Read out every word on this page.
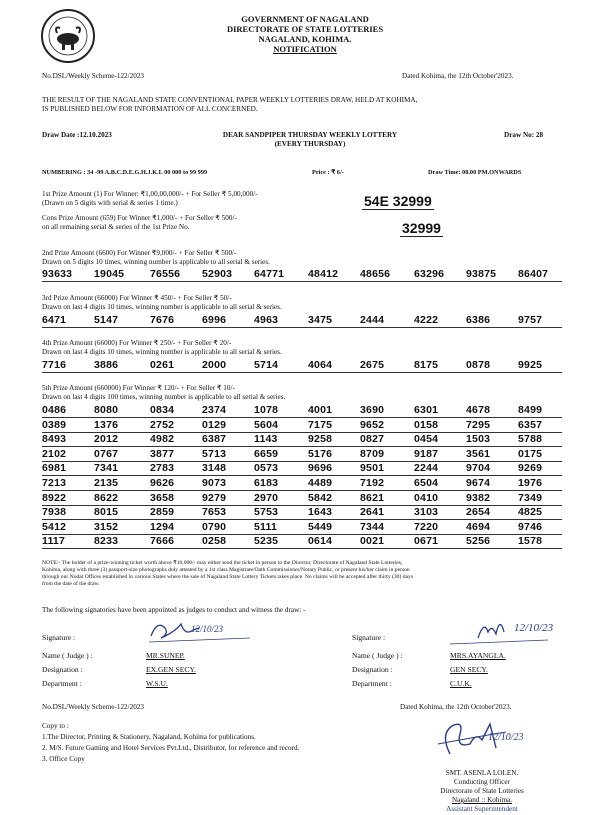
GOVERNMENT OF NAGALAND
DIRECTORATE OF STATE LOTTERIES
NAGALAND, KOHIMA.
NOTIFICATION
No.DSL/Weekly Scheme-122/2023	Dated Kohima, the 12th October'2023.
THE RESULT OF THE NAGALAND STATE CONVENTIONAL PAPER WEEKLY LOTTERIES DRAW, HELD AT KOHIMA,
IS PUBLISHED BELOW FOR INFORMATION OF ALL CONCERNED.
Draw Date :12.10.2023	DEAR SANDPIPER THURSDAY WEEKLY LOTTERY
(EVERY THURSDAY)
Draw No: 28
NUMBERING : 34 -99 A.B.C.D.E.G.H.J.K.L 00 000 to 99 999	Price : ₹ 6/-	Draw Time: 08.00 PM.ONWARDS
1st Prize Amount (1) For Winner: ₹1,00,00,000/- + For Seller ₹ 5,00,000/-
(Drawn on 5 digits with serial & series 1 time.)	54E 32999
Cons Prize Amount (659) For Winner ₹1,000/- + For Seller ₹ 500/-
on all remaining serial & series of the 1st Prize No.	32999
2nd Prize Amount (6600) For Winner ₹9,000/- + For Seller ₹ 500/-
Drawn on 5 digits 10 times, winning number is applicable to all serial & series.
93633 19045 76556 52903 64771 48412 48656 63296 93875 86407
3rd Prize Amount (66000) For Winner ₹ 450/- + For Seller ₹ 50/-
Drawn on last 4 digits 10 times, winning number is applicable to all serial & series.
6471	5147	7676	6996	4963	3475	2444	4222	6386	9757
4th Prize Amount (66000) For Winner ₹ 250/- + For Seller ₹ 20/-
Drawn on last 4 digits 10 times, winning number is applicable to all serial & series.
7716	3886	0261	2000	5714	4064	2675	8175	0878	9925
5th Prize Amount (660000) For Winner ₹ 120/- + For Seller ₹ 10/-
Drawn on last 4 digits 100 times, winning number is applicable to all serial & series.
0486	8080	0834	2374	1078	4001	3690	6301	4678	8499
0389	1376	2752	0129	5604	7175	9652	0158	7295	6357
8493	2012	4982	6387	1143	9258	0827	0454	1503	5788
2102	0767	3877	5713	6659	5176	8709	9187	3561	0175
6981	7341	2783	3148	0573	9696	9501	2244	9704	9269
7213	2135	9626	9073	6183	4489	7192	6504	9674	1976
8922	8622	3658	9279	2970	5842	8621	0410	9382	7349
7938	8015	2859	7653	5753	1643	2641	3103	2654	4825
5412	3152	1294	0790	5111	5449	7344	7220	4694	9746
1117	8233	7666	0258	5235	0614	0021	0671	5256	1578
NOTE:- The holder of a prize-winning ticket worth above ₹10,000/- may either send the ticket in person to the Director, Directorate of Nagaland State Lotteries,
Kohima, along with three (3) passport-size photographs duly attested by a 1st class Magistrate/Oath Commissioner/Notary Public, or present his/her claim in person
through our Nodal Offices established in various States where the sale of Nagaland State Lottery Tickets takes place. No claims will be accepted after thirty (30) days
from the date of the draw.
The following signatories have been appointed as judges to conduct and witness the draw: -
Signature :
12/10/23
Name ( Judge ) :	MR.SUNEP.
Designation :	EX.GEN SECY.
Department :	W.S.U.
Signature :
12/10/23
Name ( Judge ) :	MRS.AYANGLA.
Designation :	GEN SECY.
Department :	C.U.K.
No.DSL/Weekly Scheme-122/2023	Dated Kohima, the 12th October'2023.
Copy to :
1.The Director, Printing & Stationery, Nagaland, Kohima for publications.
2. M/S. Future Gaming and Hotel Services Pvt.Ltd., Distributor, for reference and record.
3. Office Copy
12/10/23
SMT. ASENLA LOLEN.
Conducting Officer
Directorate of State Lotteries
Nagaland :: Kohima.
Assistant Superintendent
